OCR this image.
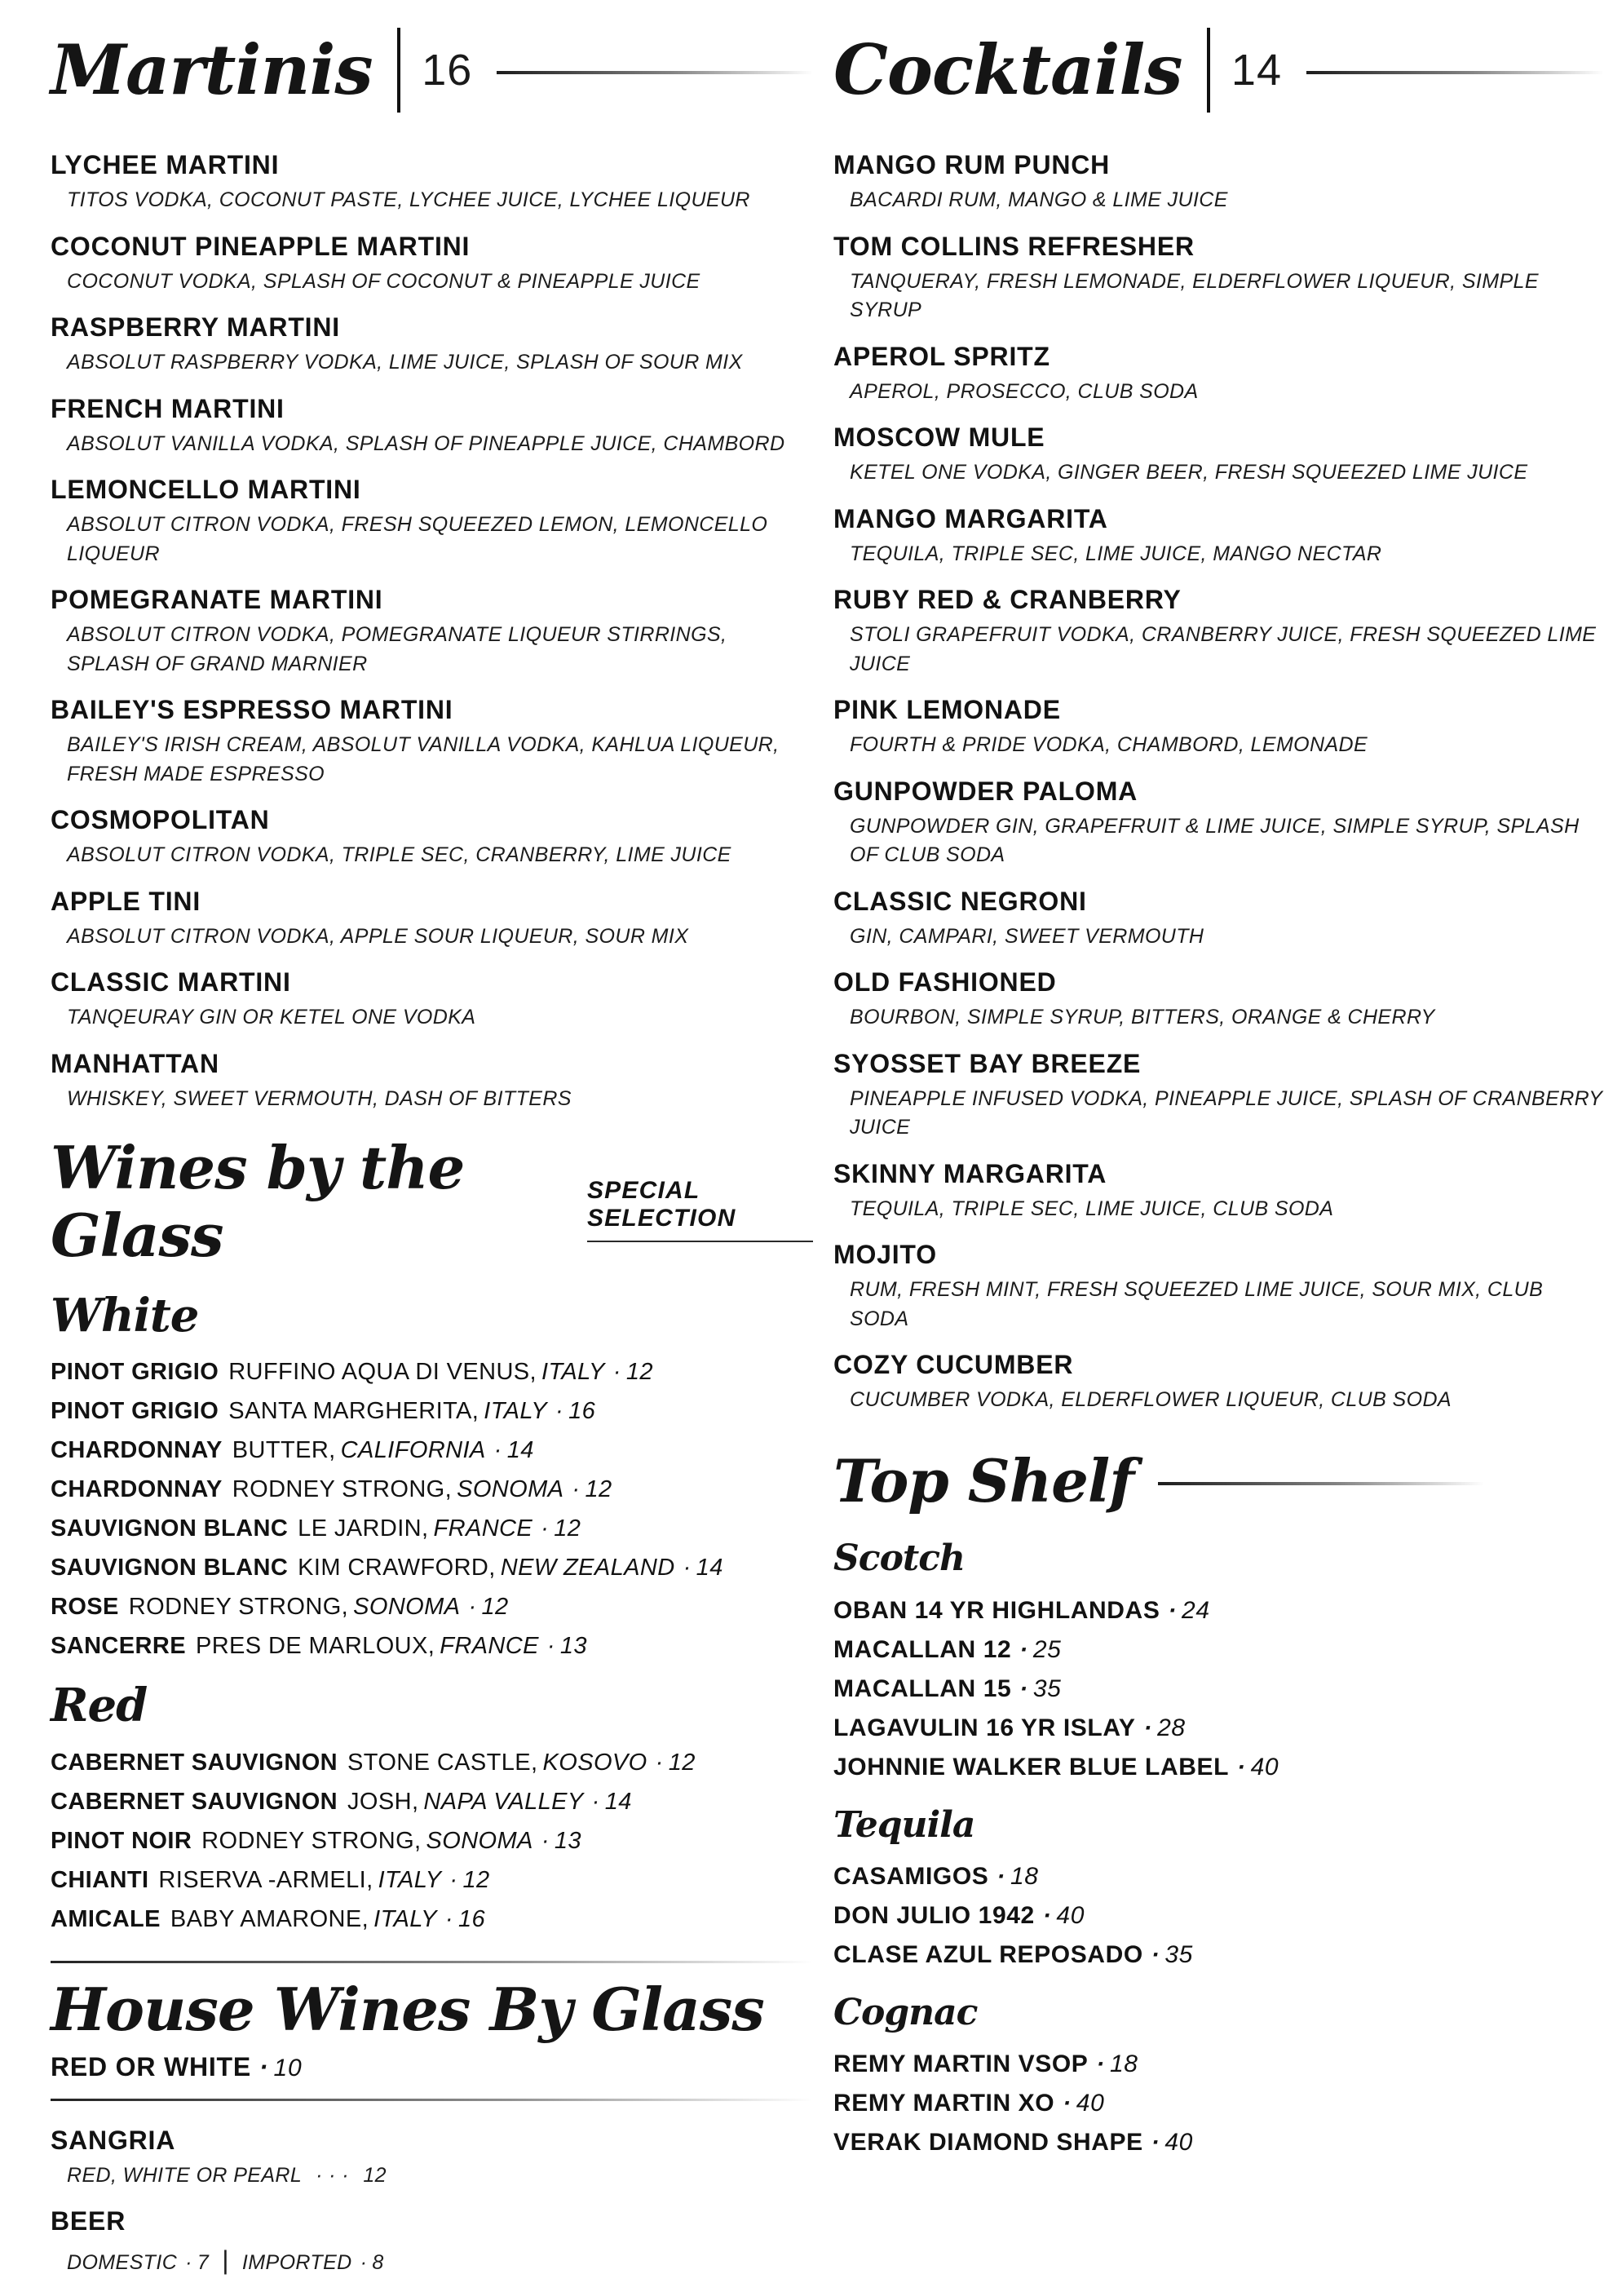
Martinis 16
LYCHEE MARTINI
TITOS VODKA, COCONUT PASTE, LYCHEE JUICE, LYCHEE LIQUEUR
COCONUT PINEAPPLE MARTINI
COCONUT VODKA, SPLASH OF COCONUT & PINEAPPLE JUICE
RASPBERRY MARTINI
ABSOLUT RASPBERRY VODKA, LIME JUICE, SPLASH OF SOUR MIX
FRENCH MARTINI
ABSOLUT VANILLA VODKA, SPLASH OF PINEAPPLE JUICE, CHAMBORD
LEMONCELLO MARTINI
ABSOLUT CITRON VODKA, FRESH SQUEEZED LEMON, LEMONCELLO LIQUEUR
POMEGRANATE MARTINI
ABSOLUT CITRON VODKA, POMEGRANATE LIQUEUR STIRRINGS, SPLASH OF GRAND MARNIER
BAILEY'S ESPRESSO MARTINI
BAILEY'S IRISH CREAM, ABSOLUT VANILLA VODKA, KAHLUA LIQUEUR, FRESH MADE ESPRESSO
COSMOPOLITAN
ABSOLUT CITRON VODKA, TRIPLE SEC, CRANBERRY, LIME JUICE
APPLE TINI
ABSOLUT CITRON VODKA, APPLE SOUR LIQUEUR, SOUR MIX
CLASSIC MARTINI
TANQEURAY GIN OR KETEL ONE VODKA
MANHATTAN
WHISKEY, SWEET VERMOUTH, DASH OF BITTERS
Wines by the Glass
SPECIAL SELECTION
White
PINOT GRIGIO RUFFINO AQUA DI VENUS, ITALY · 12
PINOT GRIGIO SANTA MARGHERITA, ITALY · 16
CHARDONNAY BUTTER, CALIFORNIA · 14
CHARDONNAY RODNEY STRONG, SONOMA · 12
SAUVIGNON BLANC LE JARDIN, FRANCE · 12
SAUVIGNON BLANC KIM CRAWFORD, NEW ZEALAND · 14
ROSE RODNEY STRONG, SONOMA · 12
SANCERRE PRES DE MARLOUX, FRANCE · 13
Red
CABERNET SAUVIGNON STONE CASTLE, KOSOVO · 12
CABERNET SAUVIGNON JOSH, NAPA VALLEY · 14
PINOT NOIR RODNEY STRONG, SONOMA · 13
CHIANTI RISERVA -ARMELI, ITALY · 12
AMICALE BABY AMARONE, ITALY · 16
House Wines By Glass
RED OR WHITE · 10
SANGRIA
RED, WHITE OR PEARL · · · 12
BEER
DOMESTIC · 7 | IMPORTED · 8
Cocktails 14
MANGO RUM PUNCH
BACARDI RUM, MANGO & LIME JUICE
TOM COLLINS REFRESHER
TANQUERAY, FRESH LEMONADE, ELDERFLOWER LIQUEUR, SIMPLE SYRUP
APEROL SPRITZ
APEROL, PROSECCO, CLUB SODA
MOSCOW MULE
KETEL ONE VODKA, GINGER BEER, FRESH SQUEEZED LIME JUICE
MANGO MARGARITA
TEQUILA, TRIPLE SEC, LIME JUICE, MANGO NECTAR
RUBY RED & CRANBERRY
STOLI GRAPEFRUIT VODKA, CRANBERRY JUICE, FRESH SQUEEZED LIME JUICE
PINK LEMONADE
FOURTH & PRIDE VODKA, CHAMBORD, LEMONADE
GUNPOWDER PALOMA
GUNPOWDER GIN, GRAPEFRUIT & LIME JUICE, SIMPLE SYRUP, SPLASH OF CLUB SODA
CLASSIC NEGRONI
GIN, CAMPARI, SWEET VERMOUTH
OLD FASHIONED
BOURBON, SIMPLE SYRUP, BITTERS, ORANGE & CHERRY
SYOSSET BAY BREEZE
PINEAPPLE INFUSED VODKA, PINEAPPLE JUICE, SPLASH OF CRANBERRY JUICE
SKINNY MARGARITA
TEQUILA, TRIPLE SEC, LIME JUICE, CLUB SODA
MOJITO
RUM, FRESH MINT, FRESH SQUEEZED LIME JUICE, SOUR MIX, CLUB SODA
COZY CUCUMBER
CUCUMBER VODKA, ELDERFLOWER LIQUEUR, CLUB SODA
Top Shelf
Scotch
OBAN 14 YR HIGHLANDAS · 24
MACALLAN 12 · 25
MACALLAN 15 · 35
LAGAVULIN 16 YR ISLAY · 28
JOHNNIE WALKER BLUE LABEL · 40
Tequila
CASAMIGOS · 18
DON JULIO 1942 · 40
CLASE AZUL REPOSADO · 35
Cognac
REMY MARTIN VSOP · 18
REMY MARTIN XO · 40
VERAK DIAMOND SHAPE · 40
